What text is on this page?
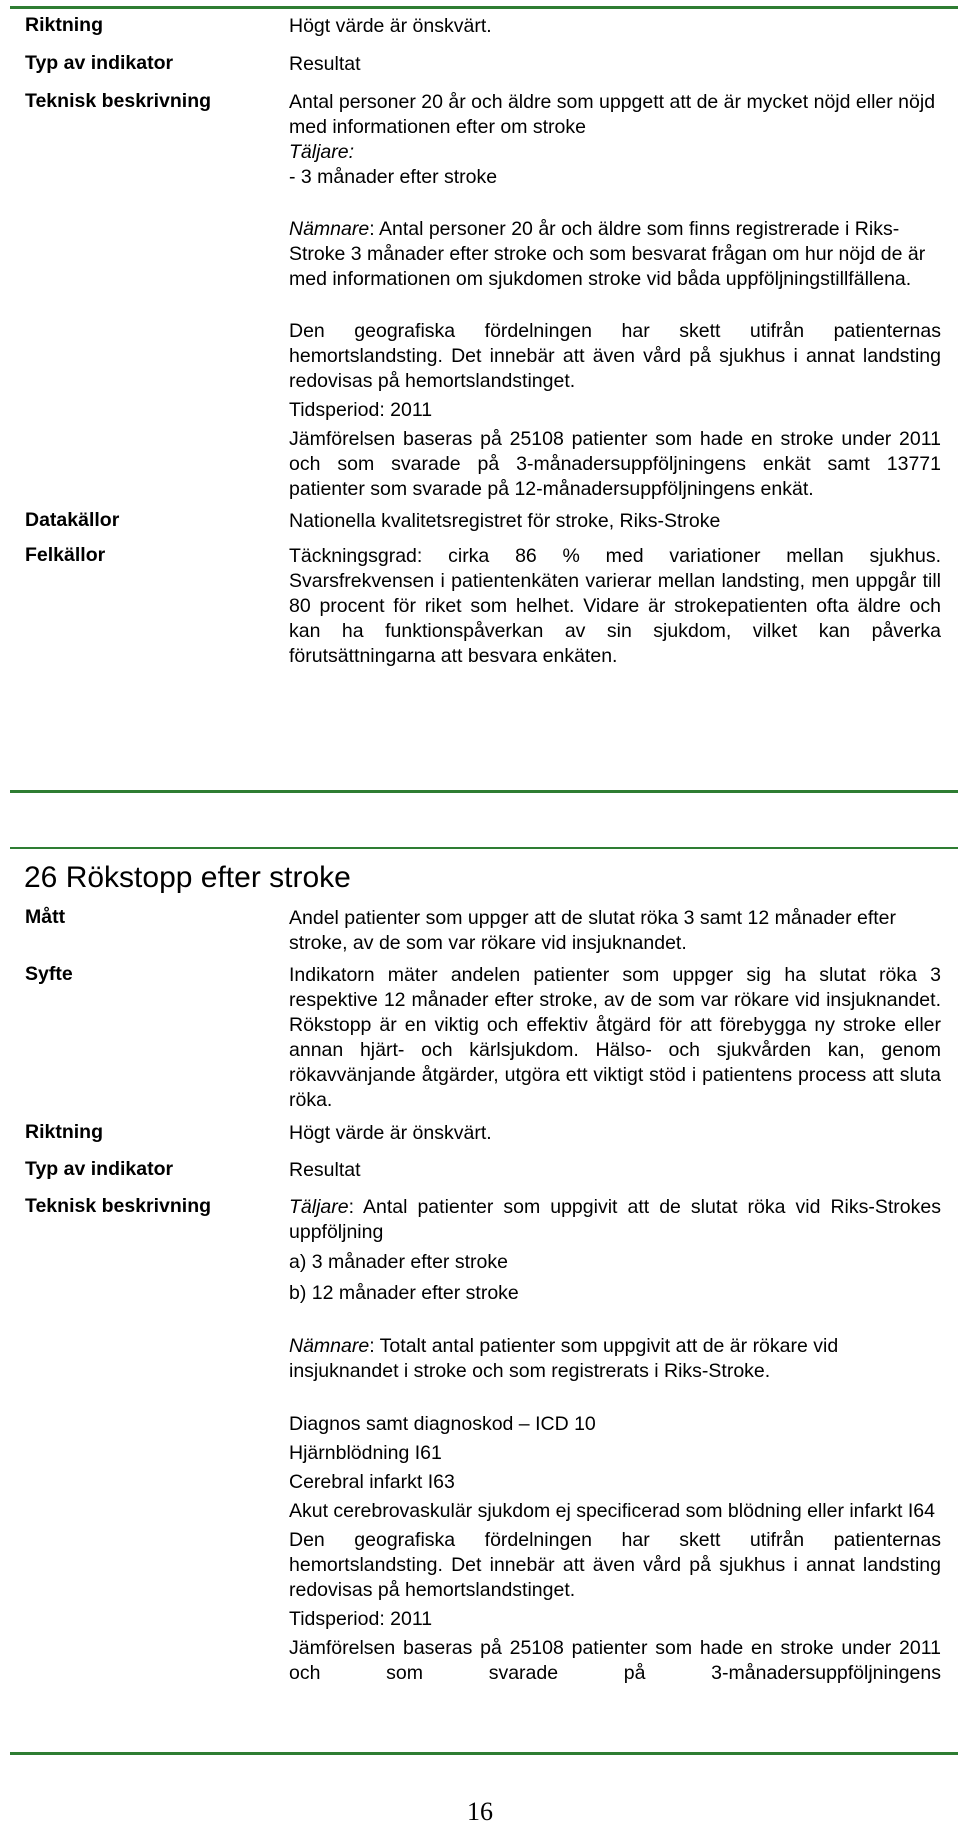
Riktning	Högt värde är önskvärt.
Typ av indikator	Resultat
Teknisk beskrivning	Antal personer 20 år och äldre som uppgett att de är mycket nöjd eller nöjd med informationen efter om stroke
Täljare:
- 3 månader efter stroke
Nämnare: Antal personer 20 år och äldre som finns registrerade i Riks-Stroke 3 månader efter stroke och som besvarat frågan om hur nöjd de är med informationen om sjukdomen stroke vid båda uppföljningstillfällena.
Den geografiska fördelningen har skett utifrån patienternas hemortslandsting. Det innebär att även vård på sjukhus i annat landsting redovisas på hemortslandstinget.
Tidsperiod: 2011
Jämförelsen baseras på 25108 patienter som hade en stroke under 2011 och som svarade på 3-månadersuppföljningens enkät samt 13771 patienter som svarade på 12-månadersuppföljningens enkät.
Datakällor	Nationella kvalitetsregistret för stroke, Riks-Stroke
Felkällor	Täckningsgrad: cirka 86 % med variationer mellan sjukhus. Svarsfrekvensen i patientenkäten varierar mellan landsting, men uppgår till 80 procent för riket som helhet. Vidare är strokepatienten ofta äldre och kan ha funktionspåverkan av sin sjukdom, vilket kan påverka förutsättningarna att besvara enkäten.
26 Rökstopp efter stroke
Mått	Andel patienter som uppger att de slutat röka 3 samt 12 månader efter stroke, av de som var rökare vid insjuknandet.
Syfte	Indikatorn mäter andelen patienter som uppger sig ha slutat röka 3 respektive 12 månader efter stroke, av de som var rökare vid insjuknandet. Rökstopp är en viktig och effektiv åtgärd för att förebygga ny stroke eller annan hjärt- och kärlsjukdom. Hälso- och sjukvården kan, genom rökavvänjande åtgärder, utgöra ett viktigt stöd i patientens process att sluta röka.
Riktning	Högt värde är önskvärt.
Typ av indikator	Resultat
Teknisk beskrivning	Täljare: Antal patienter som uppgivit att de slutat röka vid Riks-Strokes uppföljning
a) 3 månader efter stroke
b) 12 månader efter stroke
Nämnare: Totalt antal patienter som uppgivit att de är rökare vid insjuknandet i stroke och som registrerats i Riks-Stroke.
Diagnos samt diagnoskod – ICD 10
Hjärnblödning I61
Cerebral infarkt I63
Akut cerebrovaskulär sjukdom ej specificerad som blödning eller infarkt I64
Den geografiska fördelningen har skett utifrån patienternas hemortslandsting. Det innebär att även vård på sjukhus i annat landsting redovisas på hemortslandstinget.
Tidsperiod: 2011
Jämförelsen baseras på 25108 patienter som hade en stroke under 2011 och som svarade på 3-månadersuppföljningens
16
